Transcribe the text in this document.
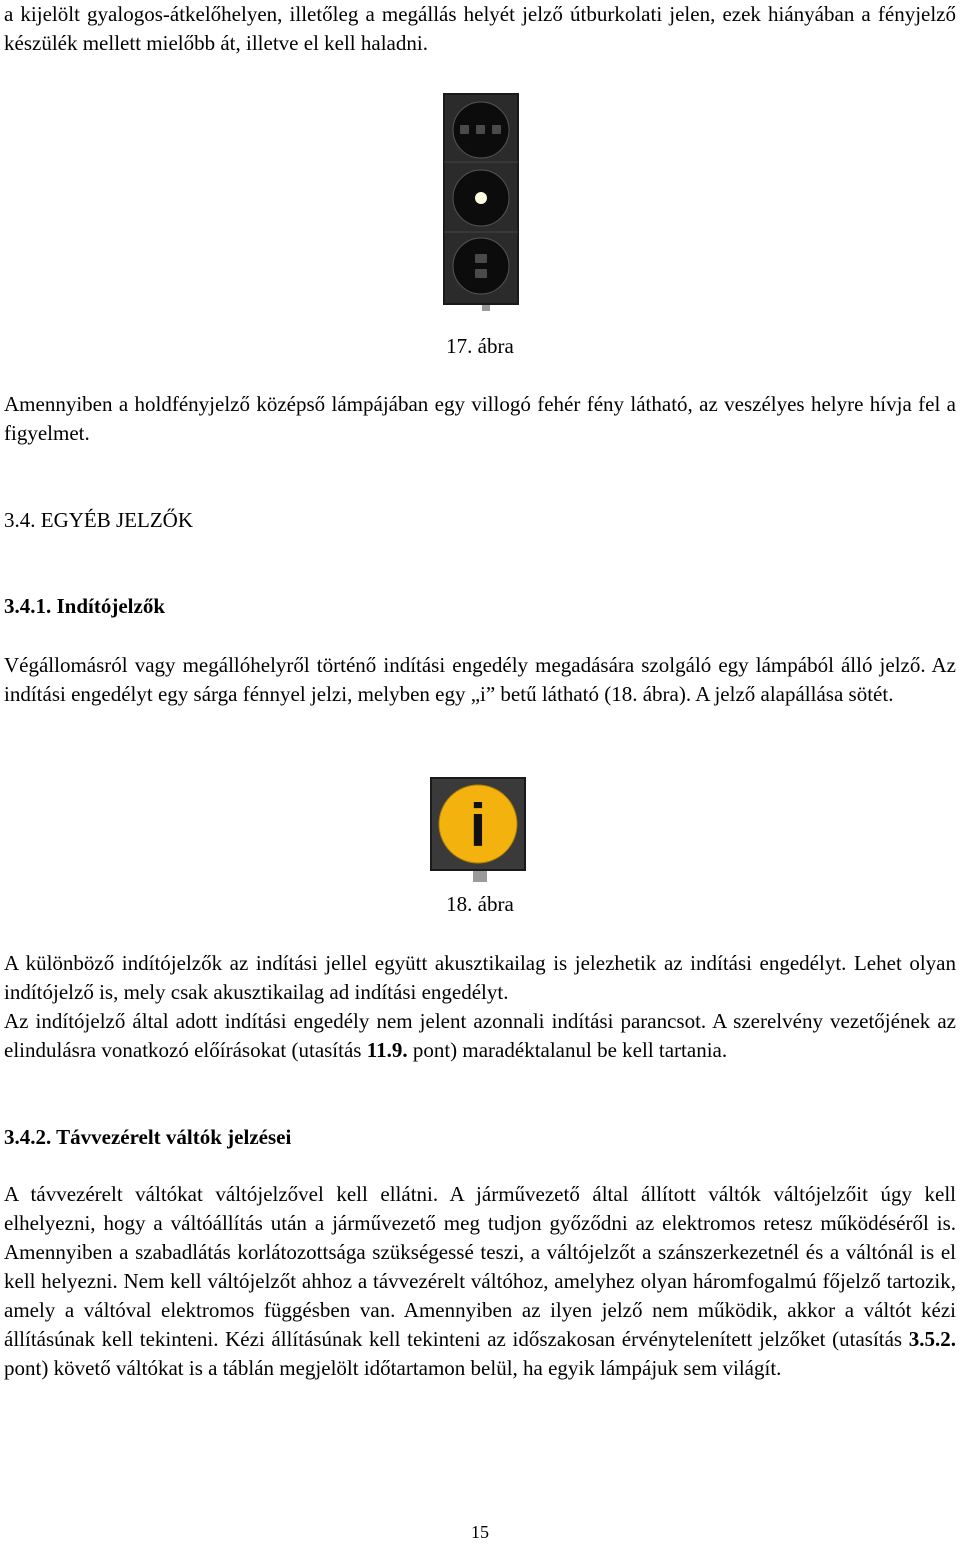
a kijelölt gyalogos-átkelőhelyen, illetőleg a megállás helyét jelző útburkolati jelen, ezek hiányában a fényjelző készülék mellett mielőbb át, illetve el kell haladni.
17. ábra
Amennyiben a holdfényjelző középső lámpájában egy villogó fehér fény látható, az veszélyes helyre hívja fel a figyelmet.
3.4. EGYÉB JELZŐK
3.4.1. Indítójelzők
Végállomásról vagy megállóhelyről történő indítási engedély megadására szolgáló egy lámpából álló jelző. Az indítási engedélyt egy sárga fénnyel jelzi, melyben egy „i” betű látható (18. ábra). A jelző alapállása sötét.
i
18. ábra
A különböző indítójelzők az indítási jellel együtt akusztikailag is jelezhetik az indítási engedélyt. Lehet olyan indítójelző is, mely csak akusztikailag ad indítási engedélyt.
Az indítójelző által adott indítási engedély nem jelent azonnali indítási parancsot. A szerelvény vezetőjének az elindulásra vonatkozó előírásokat (utasítás 11.9. pont) maradéktalanul be kell tartania.
3.4.2. Távvezérelt váltók jelzései
A távvezérelt váltókat váltójelzővel kell ellátni. A járművezető által állított váltók váltójelzőit úgy kell elhelyezni, hogy a váltóállítás után a járművezető meg tudjon győződni az elektromos retesz működéséről is. Amennyiben a szabadlátás korlátozottsága szükségessé teszi, a váltójelzőt a szánszerkezetnél és a váltónál is el kell helyezni. Nem kell váltójelzőt ahhoz a távvezérelt váltóhoz, amelyhez olyan háromfogalmú főjelző tartozik, amely a váltóval elektromos függésben van. Amennyiben az ilyen jelző nem működik, akkor a váltót kézi állításúnak kell tekinteni. Kézi állításúnak kell tekinteni az időszakosan érvénytelenített jelzőket (utasítás 3.5.2. pont) követő váltókat is a táblán megjelölt időtartamon belül, ha egyik lámpájuk sem világít.
15
